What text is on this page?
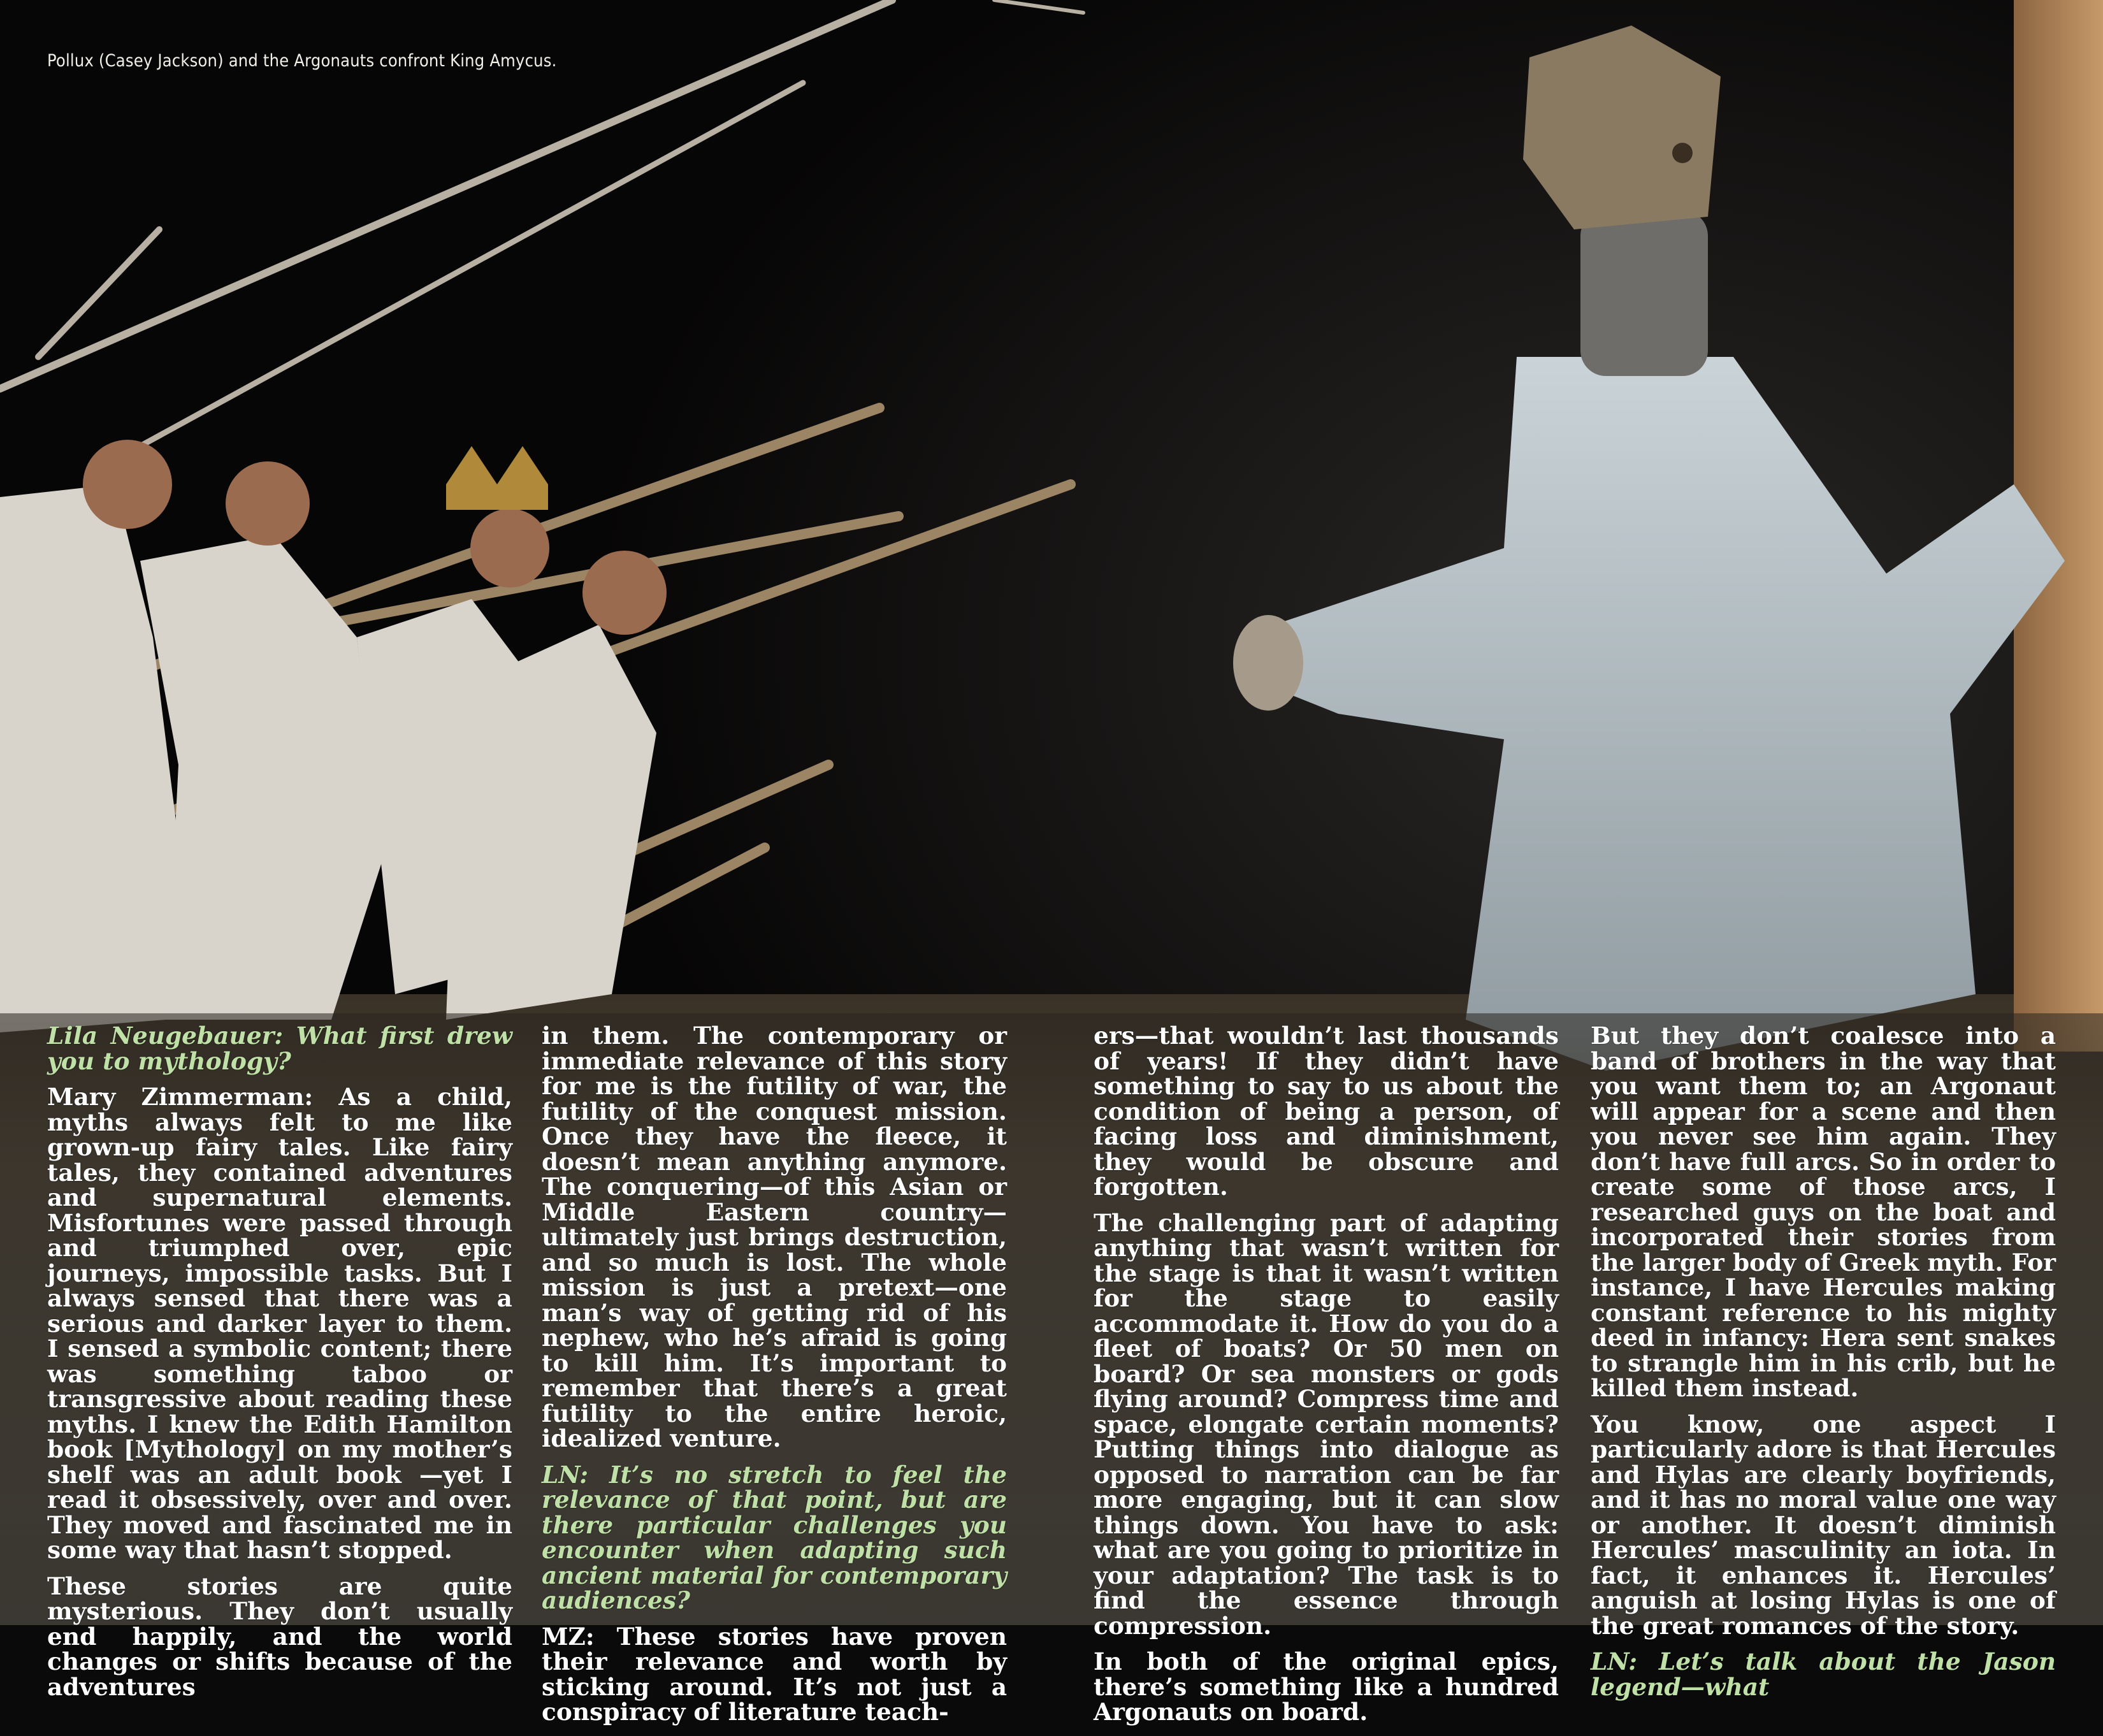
Pollux (Casey Jackson) and the Argonauts confront King Amycus.

Lila Neugebauer: What first drew you to mythology?

Mary Zimmerman: As a child, myths always felt to me like grown-up fairy tales. Like fairy tales, they contained adventures and supernatural elements. Misfortunes were passed through and triumphed over, epic journeys, impossible tasks. But I always sensed that there was a serious and darker layer to them. I sensed a symbolic content; there was something taboo or transgressive about reading these myths. I knew the Edith Hamilton book [Mythology] on my mother’s shelf was an adult book —yet I read it obsessively, over and over. They moved and fascinated me in some way that hasn’t stopped.

These stories are quite mysterious. They don’t usually end happily, and the world changes or shifts because of the adventures

in them. The contemporary or immediate relevance of this story for me is the futility of war, the futility of the conquest mission. Once they have the fleece, it doesn’t mean anything anymore. The conquering—of this Asian or Middle Eastern country—ultimately just brings destruction, and so much is lost. The whole mission is just a pretext—one man’s way of getting rid of his nephew, who he’s afraid is going to kill him. It’s important to remember that there’s a great futility to the entire heroic, idealized venture.

LN: It’s no stretch to feel the relevance of that point, but are there particular challenges you encounter when adapting such ancient material for contemporary audiences?

MZ: These stories have proven their relevance and worth by sticking around. It’s not just a conspiracy of literature teach-

ers—that wouldn’t last thousands of years! If they didn’t have something to say to us about the condition of being a person, of facing loss and diminishment, they would be obscure and forgotten.

The challenging part of adapting anything that wasn’t written for the stage is that it wasn’t written for the stage to easily accommodate it. How do you do a fleet of boats? Or 50 men on board? Or sea monsters or gods flying around? Compress time and space, elongate certain moments? Putting things into dialogue as opposed to narration can be far more engaging, but it can slow things down. You have to ask: what are you going to prioritize in your adaptation? The task is to find the essence through compression.

In both of the original epics, there’s something like a hundred Argonauts on board.

But they don’t coalesce into a band of brothers in the way that you want them to; an Argonaut will appear for a scene and then you never see him again. They don’t have full arcs. So in order to create some of those arcs, I researched guys on the boat and incorporated their stories from the larger body of Greek myth. For instance, I have Hercules making constant reference to his mighty deed in infancy: Hera sent snakes to strangle him in his crib, but he killed them instead.

You know, one aspect I particularly adore is that Hercules and Hylas are clearly boyfriends, and it has no moral value one way or another. It doesn’t diminish Hercules’ masculinity an iota. In fact, it enhances it. Hercules’ anguish at losing Hylas is one of the great romances of the story.

LN: Let’s talk about the Jason legend—what
